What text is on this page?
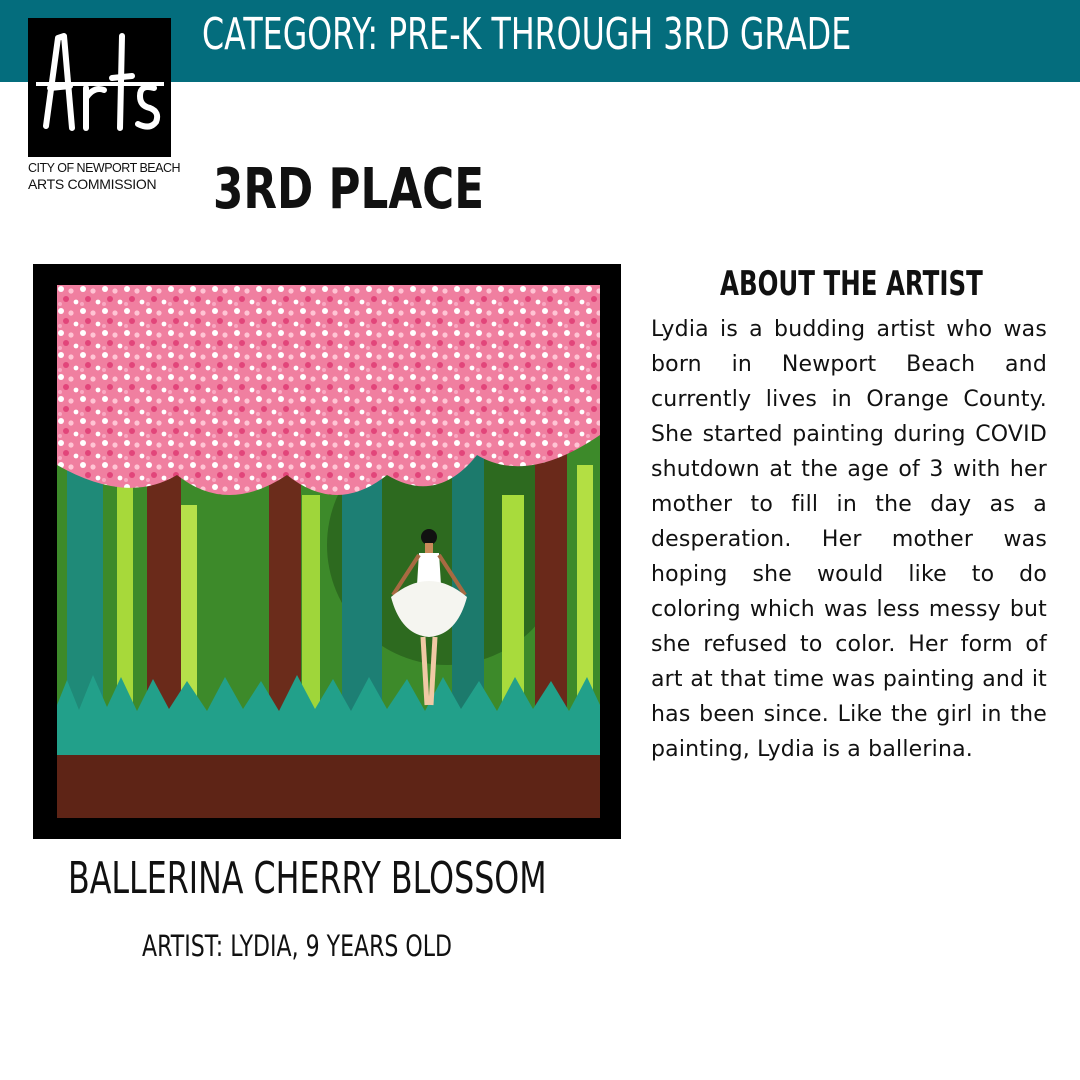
CATEGORY: PRE-K THROUGH 3RD GRADE
CITY OF NEWPORT BEACH
ARTS COMMISSION	3RD PLACE
BALLERINA CHERRY BLOSSOM
ARTIST: LYDIA, 9 YEARS OLD
ABOUT THE ARTIST
Lydia is a budding artist who was born in Newport Beach and currently lives in Orange County. She started painting during COVID shutdown at the age of 3 with her mother to fill in the day as a desperation. Her mother was hoping she would like to do coloring which was less messy but she refused to color. Her form of art at that time was painting and it has been since. Like the girl in the painting, Lydia is a ballerina.
